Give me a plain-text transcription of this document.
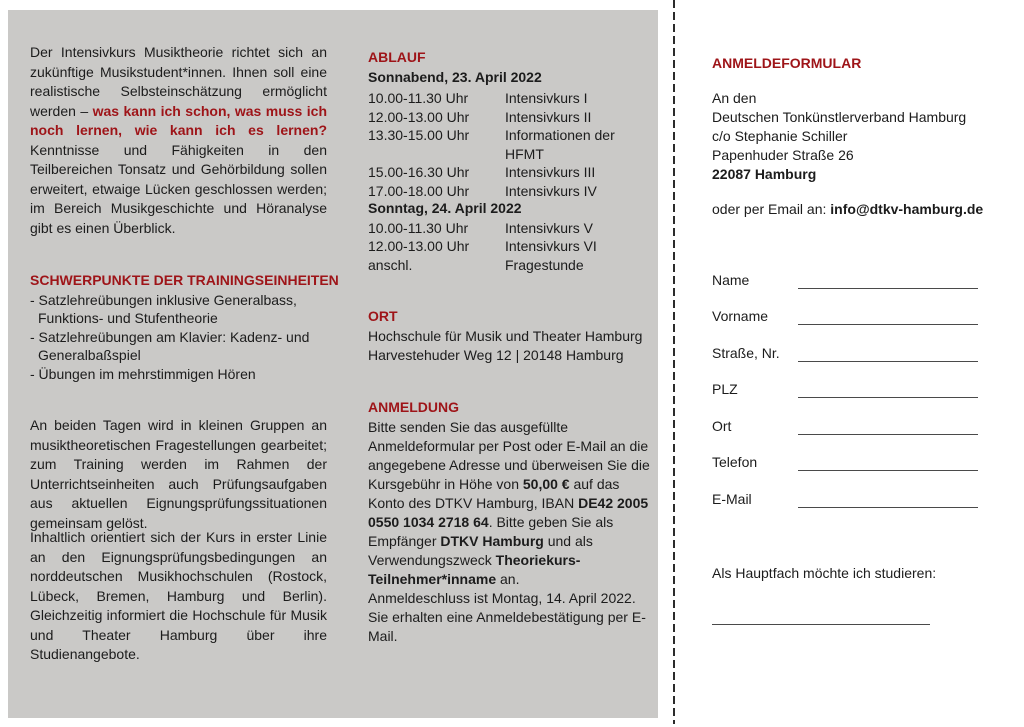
Der Intensivkurs Musiktheorie richtet sich an zukünftige Musikstudent*innen. Ihnen soll eine realistische Selbsteinschätzung ermöglicht werden – was kann ich schon, was muss ich noch lernen, wie kann ich es lernen? Kenntnisse und Fähigkeiten in den Teilbereichen Tonsatz und Gehörbildung sollen erweitert, etwaige Lücken geschlossen werden; im Bereich Musikgeschichte und Höranalyse gibt es einen Überblick.
SCHWERPUNKTE DER TRAININGSEINHEITEN
- Satzlehreübungen inklusive Generalbass, Funktions- und Stufentheorie
- Satzlehreübungen am Klavier: Kadenz- und Generalbaßspiel
- Übungen im mehrstimmigen Hören
An beiden Tagen wird in kleinen Gruppen an musiktheoretischen Fragestellungen gearbeitet; zum Training werden im Rahmen der Unterrichtseinheiten auch Prüfungsaufgaben aus aktuellen Eignungsprüfungssituationen gemeinsam gelöst.
Inhaltlich orientiert sich der Kurs in erster Linie an den Eignungsprüfungsbedingungen an norddeutschen Musikhochschulen (Rostock, Lübeck, Bremen, Hamburg und Berlin). Gleichzeitig informiert die Hochschule für Musik und Theater Hamburg über ihre Studienangebote.
ABLAUF
Sonnabend, 23. April 2022
10.00-11.30 Uhr	Intensivkurs I
12.00-13.00 Uhr	Intensivkurs II
13.30-15.00 Uhr	Informationen der HFMT
15.00-16.30 Uhr	Intensivkurs III
17.00-18.00 Uhr	Intensivkurs IV
Sonntag, 24. April 2022
10.00-11.30 Uhr	Intensivkurs V
12.00-13.00 Uhr	Intensivkurs VI
anschl.	Fragestunde
ORT
Hochschule für Musik und Theater Hamburg
Harvestehuder Weg 12 | 20148 Hamburg
ANMELDUNG
Bitte senden Sie das ausgefüllte Anmeldeformular per Post oder E-Mail an die angegebene Adresse und überweisen Sie die Kursgebühr in Höhe von 50,00 € auf das Konto des DTKV Hamburg, IBAN DE42 2005 0550 1034 2718 64. Bitte geben Sie als Empfänger DTKV Hamburg und als Verwendungszweck Theoriekurs-Teilnehmer*inname an.
Anmeldeschluss ist Montag, 14. April 2022. Sie erhalten eine Anmeldebestätigung per E-Mail.
ANMELDEFORMULAR
An den
Deutschen Tonkünstlerverband Hamburg
c/o Stephanie Schiller
Papenhuder Straße 26
22087 Hamburg
oder per Email an: info@dtkv-hamburg.de
Name
Vorname
Straße, Nr.
PLZ
Ort
Telefon
E-Mail
Als Hauptfach möchte ich studieren:
